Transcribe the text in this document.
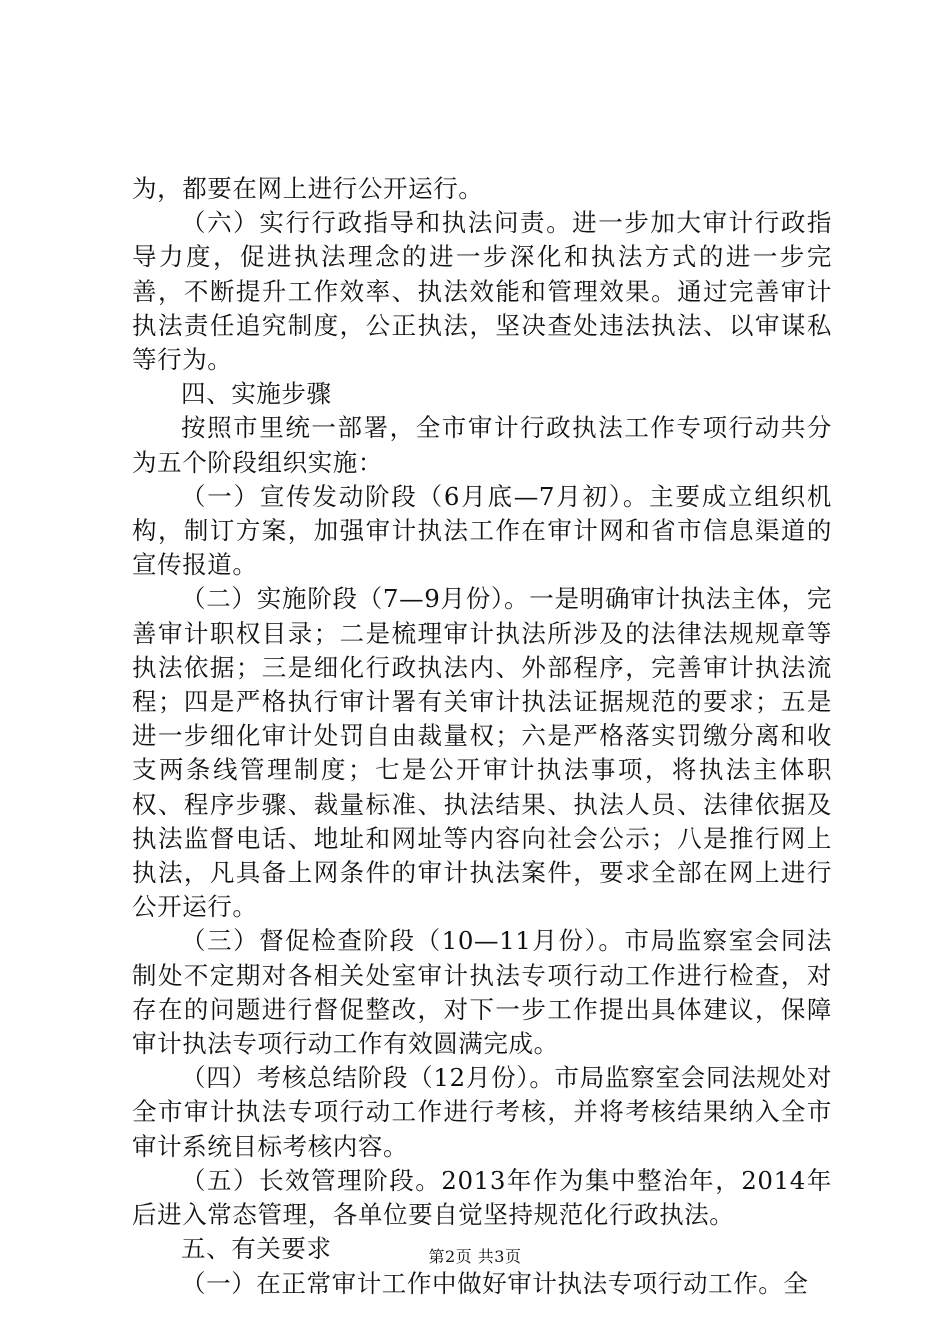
为，都要在网上进行公开运行。

（六）实行行政指导和执法问责。进一步加大审计行政指导力度，促进执法理念的进一步深化和执法方式的进一步完善，不断提升工作效率、执法效能和管理效果。通过完善审计执法责任追究制度，公正执法，坚决查处违法执法、以审谋私等行为。

四、实施步骤

按照市里统一部署，全市审计行政执法工作专项行动共分为五个阶段组织实施：

（一）宣传发动阶段（6月底—7月初）。主要成立组织机构，制订方案，加强审计执法工作在审计网和省市信息渠道的宣传报道。

（二）实施阶段（7—9月份）。一是明确审计执法主体，完善审计职权目录；二是梳理审计执法所涉及的法律法规规章等执法依据；三是细化行政执法内、外部程序，完善审计执法流程；四是严格执行审计署有关审计执法证据规范的要求；五是进一步细化审计处罚自由裁量权；六是严格落实罚缴分离和收支两条线管理制度；七是公开审计执法事项，将执法主体职权、程序步骤、裁量标准、执法结果、执法人员、法律依据及执法监督电话、地址和网址等内容向社会公示；八是推行网上执法，凡具备上网条件的审计执法案件，要求全部在网上进行公开运行。

（三）督促检查阶段（10—11月份）。市局监察室会同法制处不定期对各相关处室审计执法专项行动工作进行检查，对存在的问题进行督促整改，对下一步工作提出具体建议，保障审计执法专项行动工作有效圆满完成。

（四）考核总结阶段（12月份）。市局监察室会同法规处对全市审计执法专项行动工作进行考核，并将考核结果纳入全市审计系统目标考核内容。

（五）长效管理阶段。2013年作为集中整治年，2014年后进入常态管理，各单位要自觉坚持规范化行政执法。

五、有关要求

（一）在正常审计工作中做好审计执法专项行动工作。全

第2页 共3页
